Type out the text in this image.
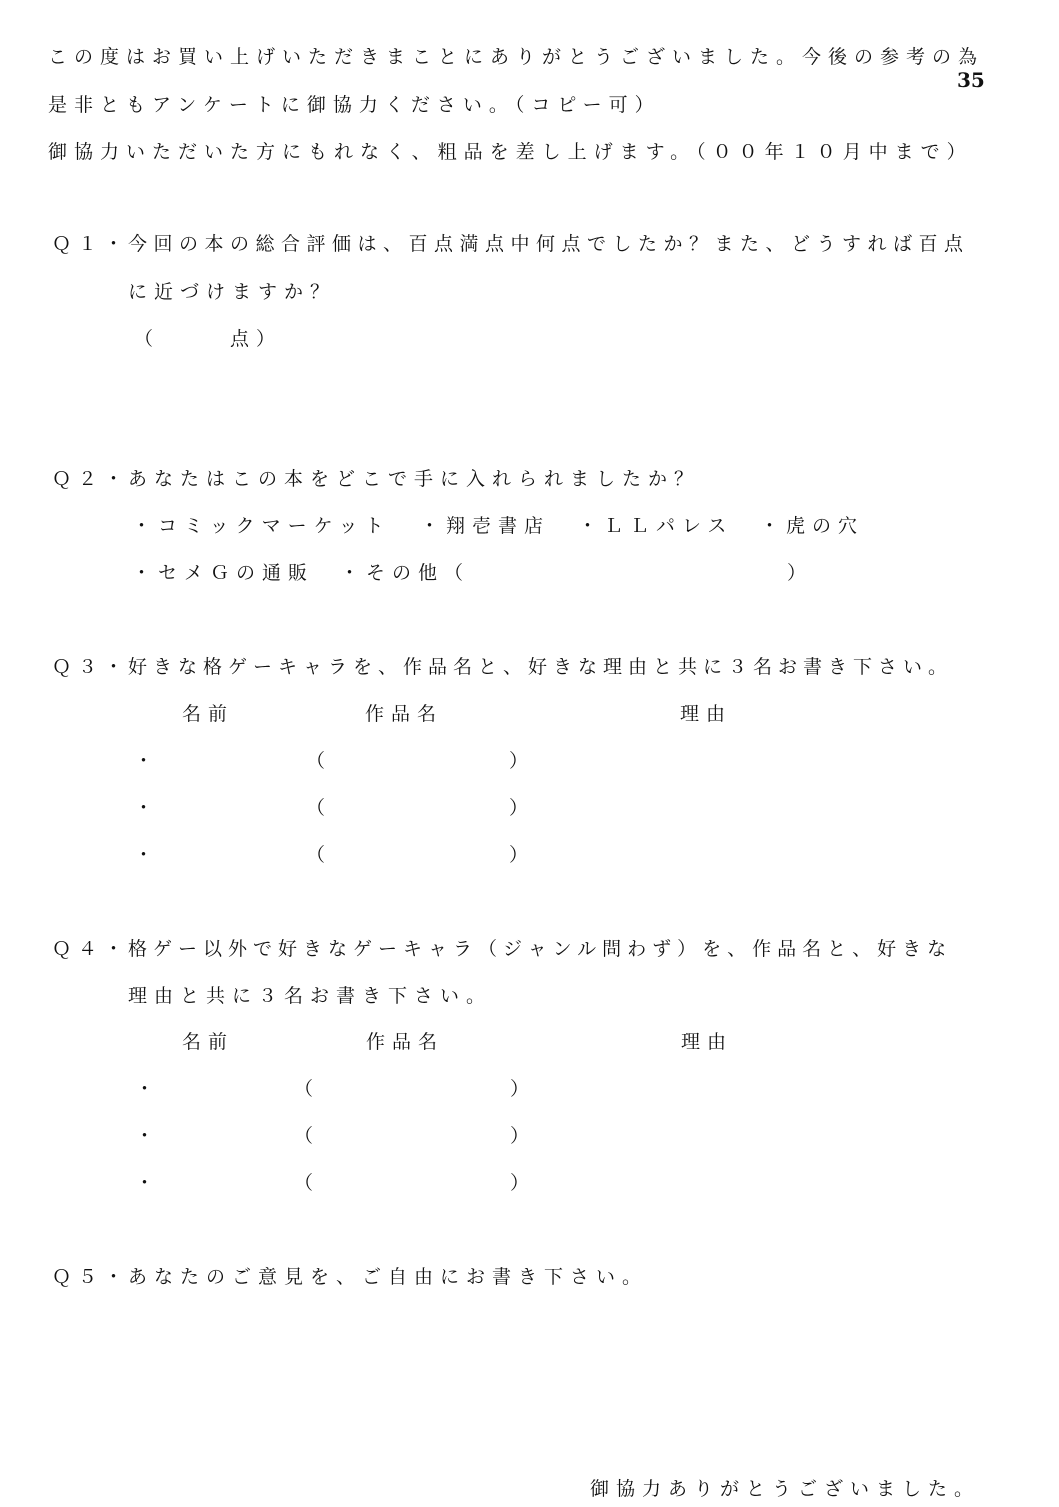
この度はお買い上げいただきまことにありがとうございました。今後の参考の為
35
是非ともアンケートに御協力ください。（コピー可）
御協力いただいた方にもれなく、粗品を差し上げます。（００年１０月中まで）
Ｑ１・
今回の本の総合評価は、百点満点中何点でしたか？また、どうすれば百点
に近づけますか？
（	点）
Ｑ２・
あなたはこの本をどこで手に入れられましたか？
・コミックマーケット ・翔壱書店 ・ＬＬパレス ・虎の穴
・セメＧの通販 ・その他（	）
Ｑ３・
好きな格ゲーキャラを、作品名と、好きな理由と共に３名お書き下さい。
名前	作品名	理由
・	（	）
・	（	）
・	（	）
Ｑ４・
格ゲー以外で好きなゲーキャラ（ジャンル問わず）を、作品名と、好きな
理由と共に３名お書き下さい。
名前	作品名	理由
・	（	）
・	（	）
・	（	）
Ｑ５・
あなたのご意見を、ご自由にお書き下さい。
御協力ありがとうございました。
